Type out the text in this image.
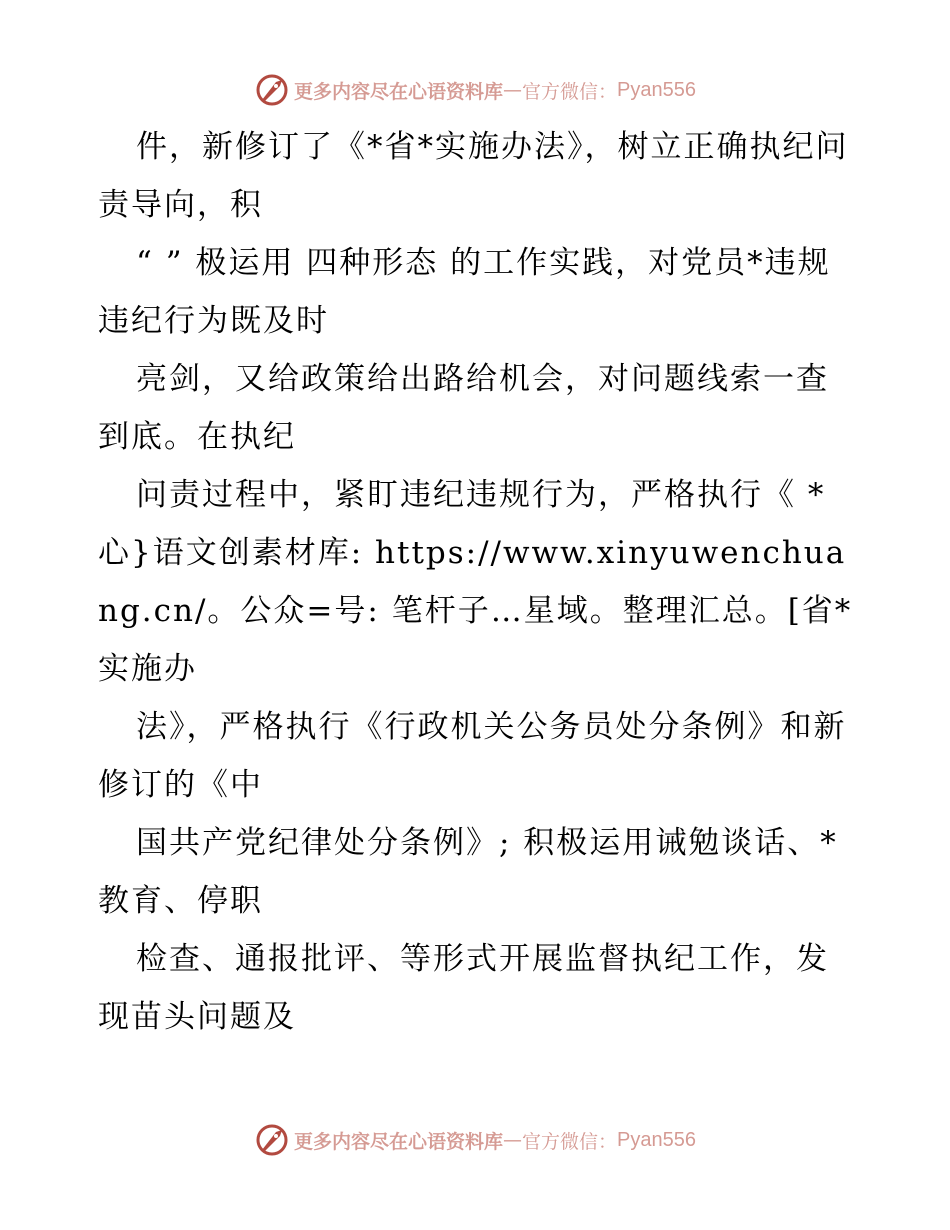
更多内容尽在心语资料库 — 官方微信： Pyan556

件，新修订了《*省*实施办法》，树立正确执纪问责导向，积

“ ” 极运用 四种形态 的工作实践，对党员*违规违纪行为既及时

亮剑，又给政策给出路给机会，对问题线索一查到底。在执纪

问责过程中，紧盯违纪违规行为，严格执行《 *心}语文创素材库: https://www.xinyuwenchuang.cn/。公众=号: 笔杆子…星域。整理汇总。[省*实施办

法》，严格执行《行政机关公务员处分条例》和新修订的《中

国共产党纪律处分条例》; 积极运用诫勉谈话、*教育、停职

检查、通报批评、等形式开展监督执纪工作，发现苗头问题及

更多内容尽在心语资料库 — 官方微信： Pyan556
